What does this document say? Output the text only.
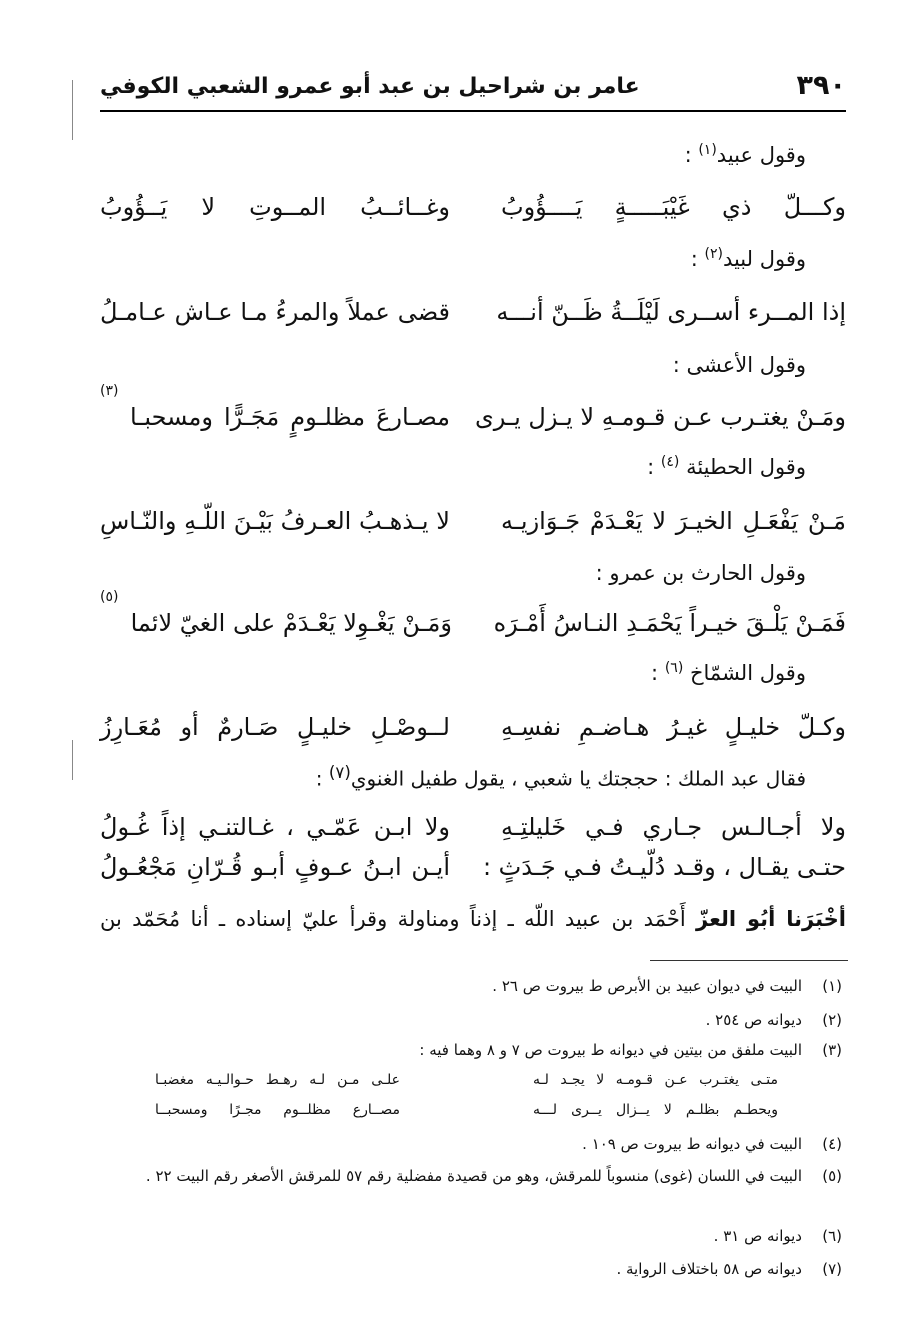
٣٩٠
عامر بن شراحيل بن عبد أبو عمرو الشعبي الكوفي
وقول عبيد$^{(١)}$ :
وكـــلّ ذي غَيْبَـــــةٍ يَــــؤُوبُ
وغــائــبُ المــوتِ لا يَــؤُوبُ
وقول لبيد$^{(٢)}$ :
إذا المــرء أســرى لَيْلَــةُ ظَــنّ أنـــه
قضى عملاً والمرءُ مـا عـاش عـامـلُ
وقول الأعشى :
ومَـنْ يغتـرب عـن قـومـهِ لا يـزل يـرى
مصـارعَ مظلـومٍ مَجَـرًّا ومسحبـا
(٣)
وقول الحطيئة $^{(٤)}$ :
مَـنْ يَفْعَـلِ الخيـرَ لا يَعْـدَمْ جَـوَازيـه
لا يـذهـبُ العـرفُ بَيْـنَ اللّـهِ والنّـاسِ
وقول الحارث بن عمرو :
فَمَـنْ يَلْـقَ خيـراً يَحْمَـدِ النـاسُ أَمْـرَه
وَمَـنْ يَغْـوِلا يَعْـدَمْ على الغيّ لائما
(٥)
وقول الشمّاخ $^{(٦)}$ :
وكـلّ خليـلٍ غيـرُ هـاضـمِ نفسِـهِ
لــوصْـلِ خليـلٍ صَـارمٌ أو مُعَـارِزُ
فقال عبد الملك : حججتك يا شعبي ، يقول طفيل الغنوي$^{(٧)}$ :
ولا أجـالـس جـاري فـي خَليلتِـهِ
ولا ابـن عَمّـي ، غـالتنـي إذاً غُـولُ
حتـى يقـال ، وقـد دُلّيـتُ فـي جَـدَثٍ :
أيـن ابـنُ عـوفٍ أبـو قُـرّانِ مَجْعُـولُ
أخْبَرَنا أبُو العزّ أَحْمَد بن عبيد اللّه ـ إذناً ومناولة وقرأ عليّ إسناده ـ أنا مُحَمّد بن
(١)
البيت في ديوان عبيد بن الأبرص ط بيروت ص ٢٦ .
(٢)
ديوانه ص ٢٥٤ .
(٣)
البيت ملفق من بيتين في ديوانه ط بيروت ص ٧ و ٨ وهما فيه :
متـى يغتـرب عـن قـومـه لا يجـد لـه
علـى مـن لـه رهـط حـوالـيـه مغضبـا
ويحطـم بظلـم لا يــزال يــرى لـــه
مصــارع مظلــوم مجـرًا ومسحبــا
(٤)
البيت في ديوانه ط بيروت ص ١٠٩ .
(٥)
البيت في اللسان (غوى) منسوباً للمرقش، وهو من قصيدة مفضلية رقم ٥٧ للمرقش الأصغر رقم البيت ٢٢ .
(٦)
ديوانه ص ٣١ .
(٧)
ديوانه ص ٥٨ باختلاف الرواية .
